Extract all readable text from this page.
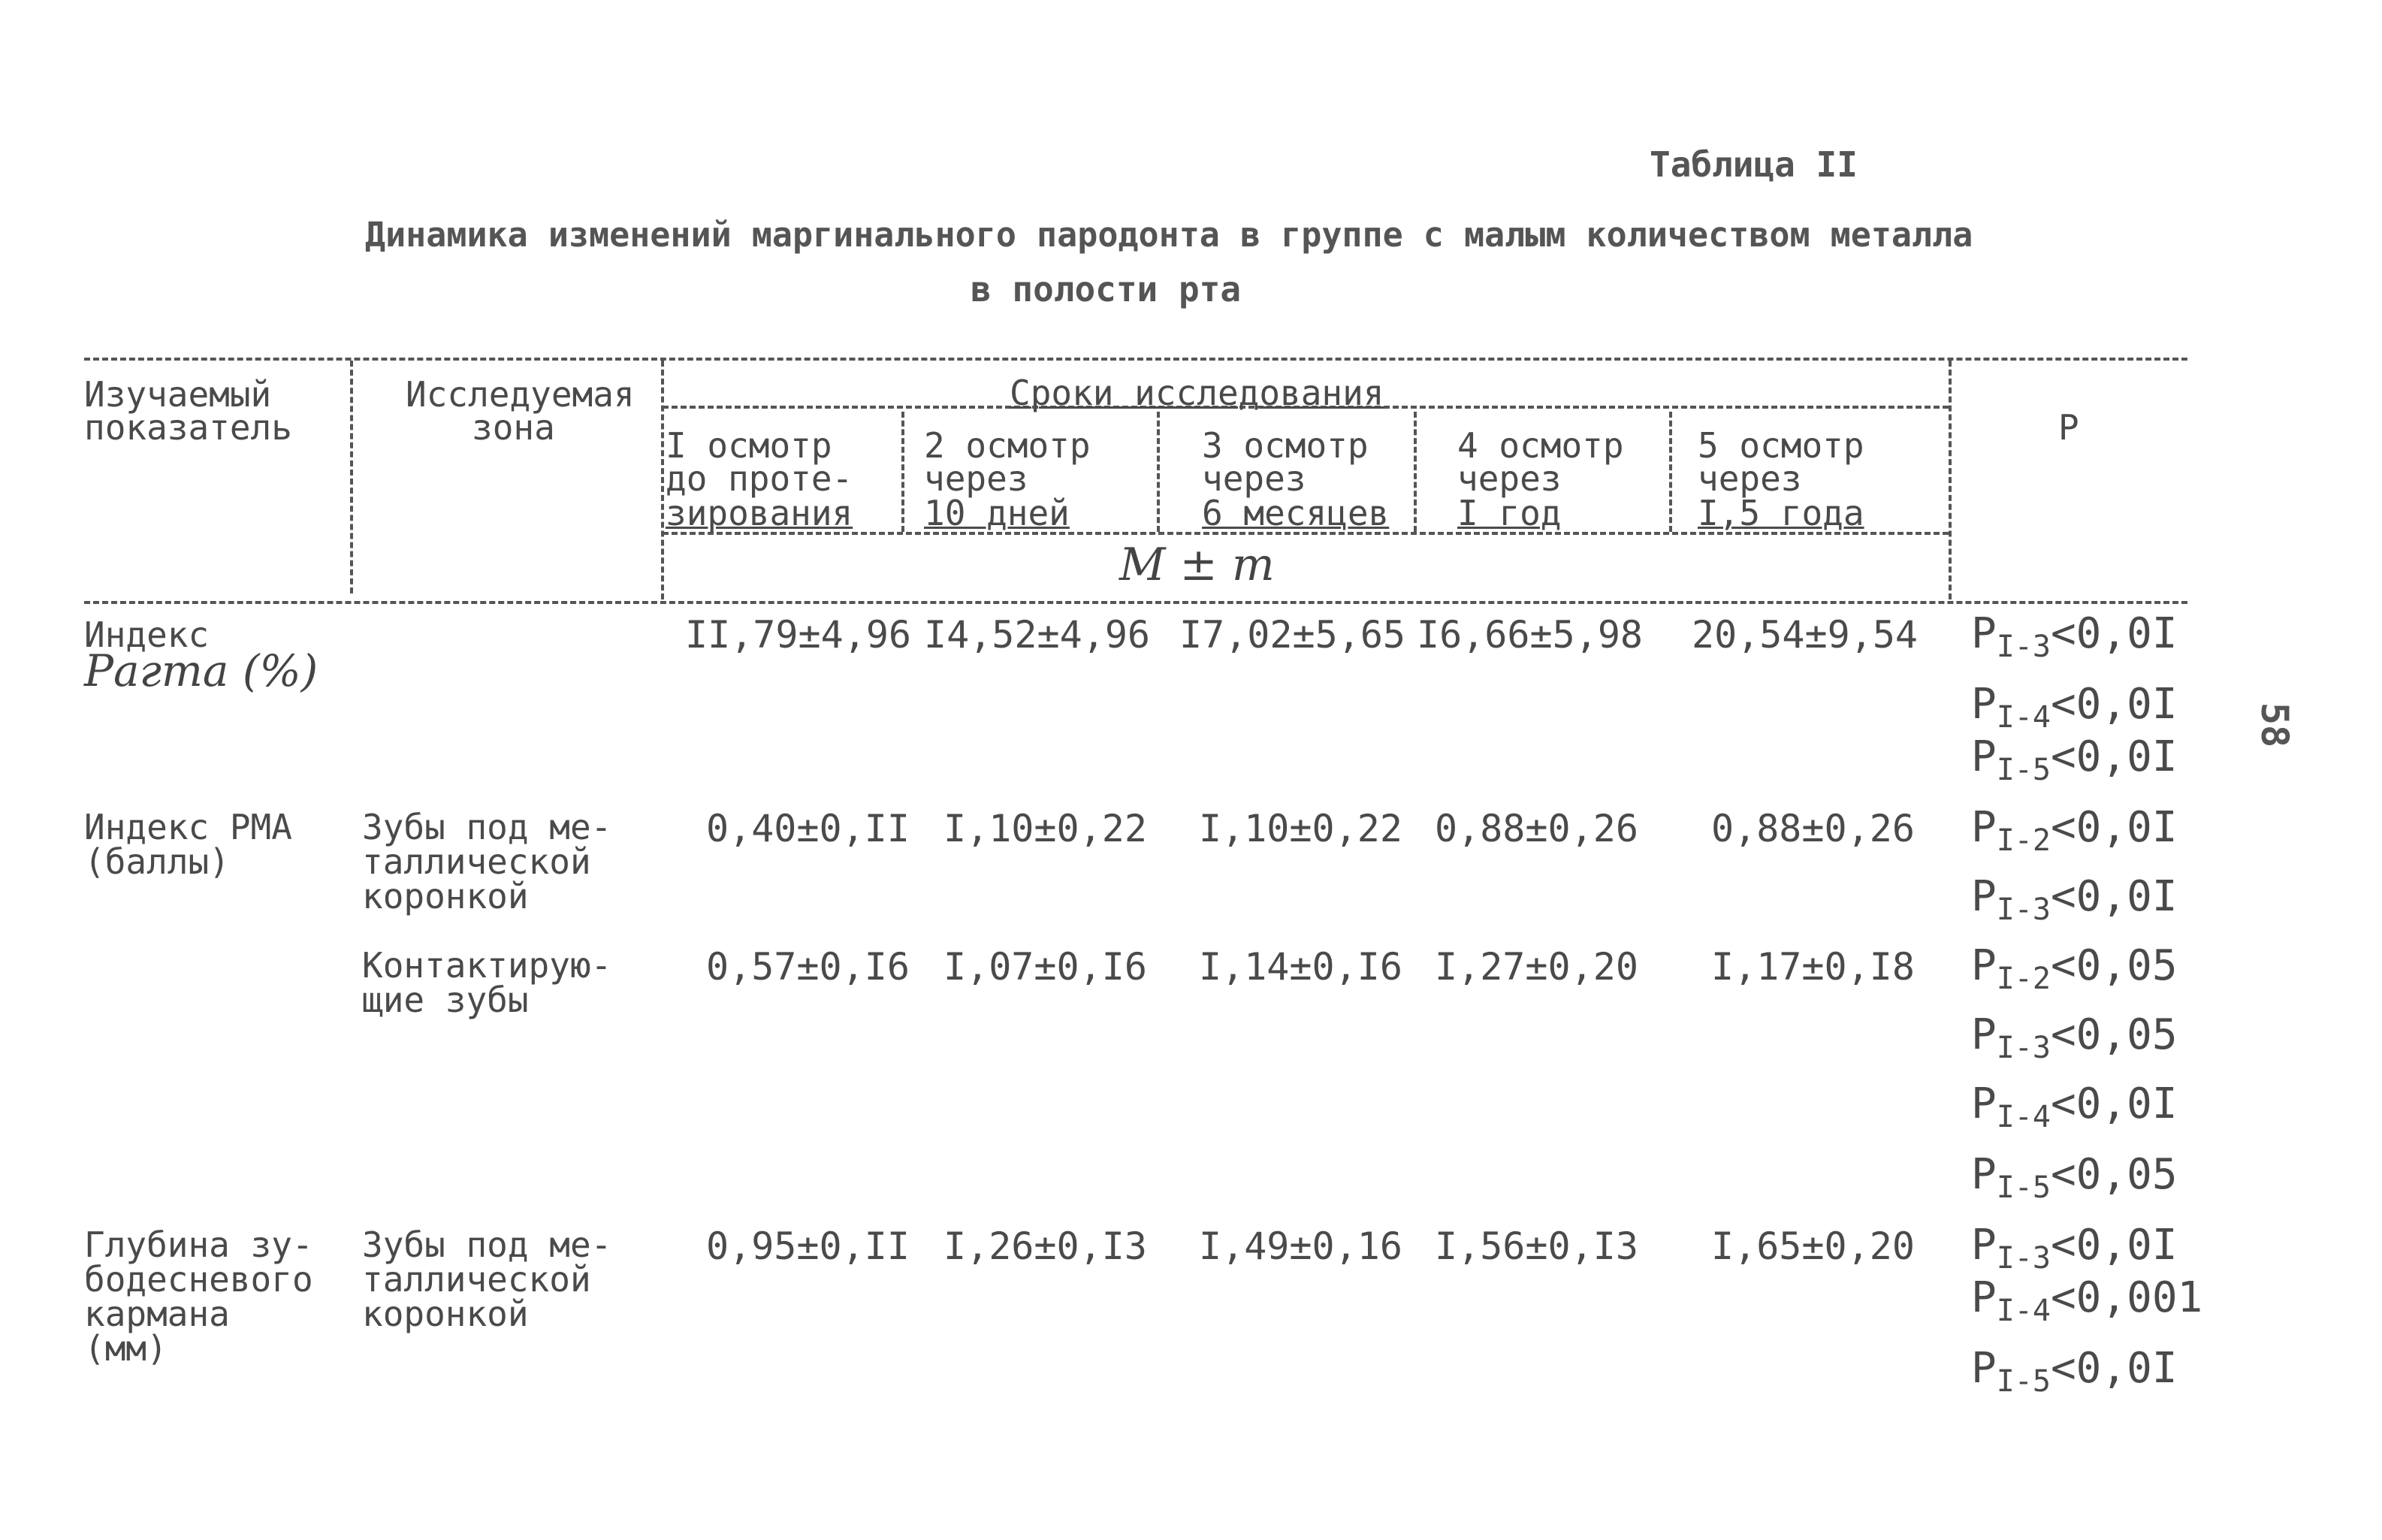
Таблица II
Динамика изменений маргинального пародонта в группе с малым количеством металла
в полости рта
58
Изучаемый
показатель
Исследуемая
зона
Сроки исследования
I осмотр
до проте-
зирования
2 осмотр
через
10 дней
3 осмотр
через
6 месяцев
4 осмотр
через
I год
5 осмотр
через
I,5 года
P
M ± m
Индекс
Рагта (%)
II,79±4,96 I4,52±4,96 I7,02±5,65 I6,66±5,98 20,54±9,54 $P_{I-3}<0,0I$
$P_{I-4}<0,0I$
$P_{I-5}<0,0I$
Индекс РМА
(баллы)
Зубы под ме-
таллической
коронкой
0,40±0,II I,10±0,22 I,10±0,22 0,88±0,26 0,88±0,26 $P_{I-2}<0,0I$
$P_{I-3}<0,0I$
Контактирую-
щие зубы
0,57±0,I6 I,07±0,I6 I,14±0,I6 I,27±0,20 I,17±0,I8 $P_{I-2}<0,05$
$P_{I-3}<0,05$
$P_{I-4}<0,0I$
$P_{I-5}<0,05$
Глубина зу-
бодесневого
кармана
(мм)
Зубы под ме-
таллической
коронкой
0,95±0,II I,26±0,I3 I,49±0,16 I,56±0,I3 I,65±0,20 $P_{I-3}<0,0I$
$P_{I-4}<0,001$
$P_{I-5}<0,0I$
